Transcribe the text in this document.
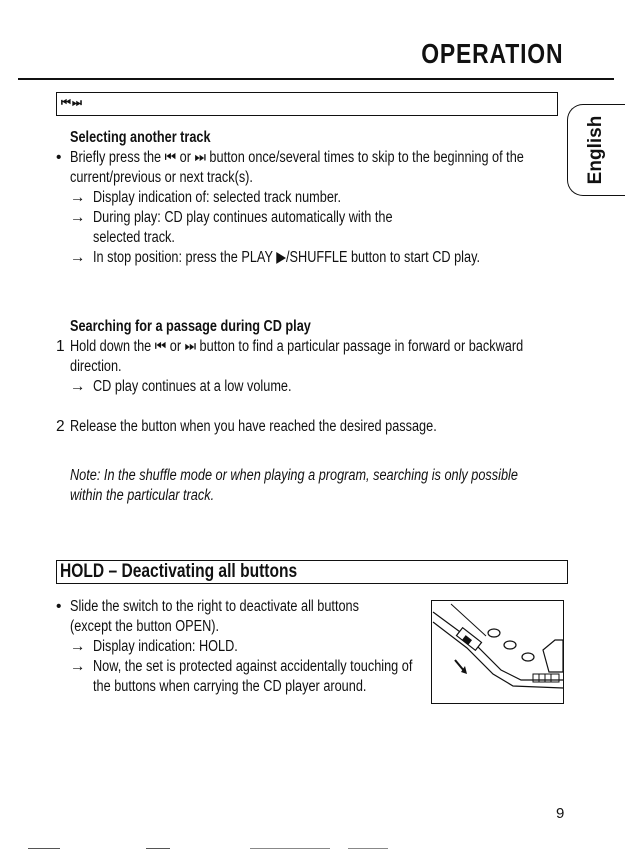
OPERATION
English
⏮ ⏭
Selecting another track
• Briefly press the ⏮ or ⏭ button once/several times to skip to the beginning of the
current/previous or next track(s).
→ Display indication of: selected track number.
→ During play: CD play continues automatically with the
selected track.
→ In stop position: press the PLAY ▶/SHUFFLE button to start CD play.
Searching for a passage during CD play
1 Hold down the ⏮ or ⏭ button to find a particular passage in forward or backward
direction.
→ CD play continues at a low volume.
2 Release the button when you have reached the desired passage.
Note: In the shuffle mode or when playing a program, searching is only possible
within the particular track.
HOLD – Deactivating all buttons
• Slide the switch to the right to deactivate all buttons
(except the button OPEN).
→ Display indication: HOLD.
→ Now, the set is protected against accidentally touching of
the buttons when carrying the CD player around.
9
